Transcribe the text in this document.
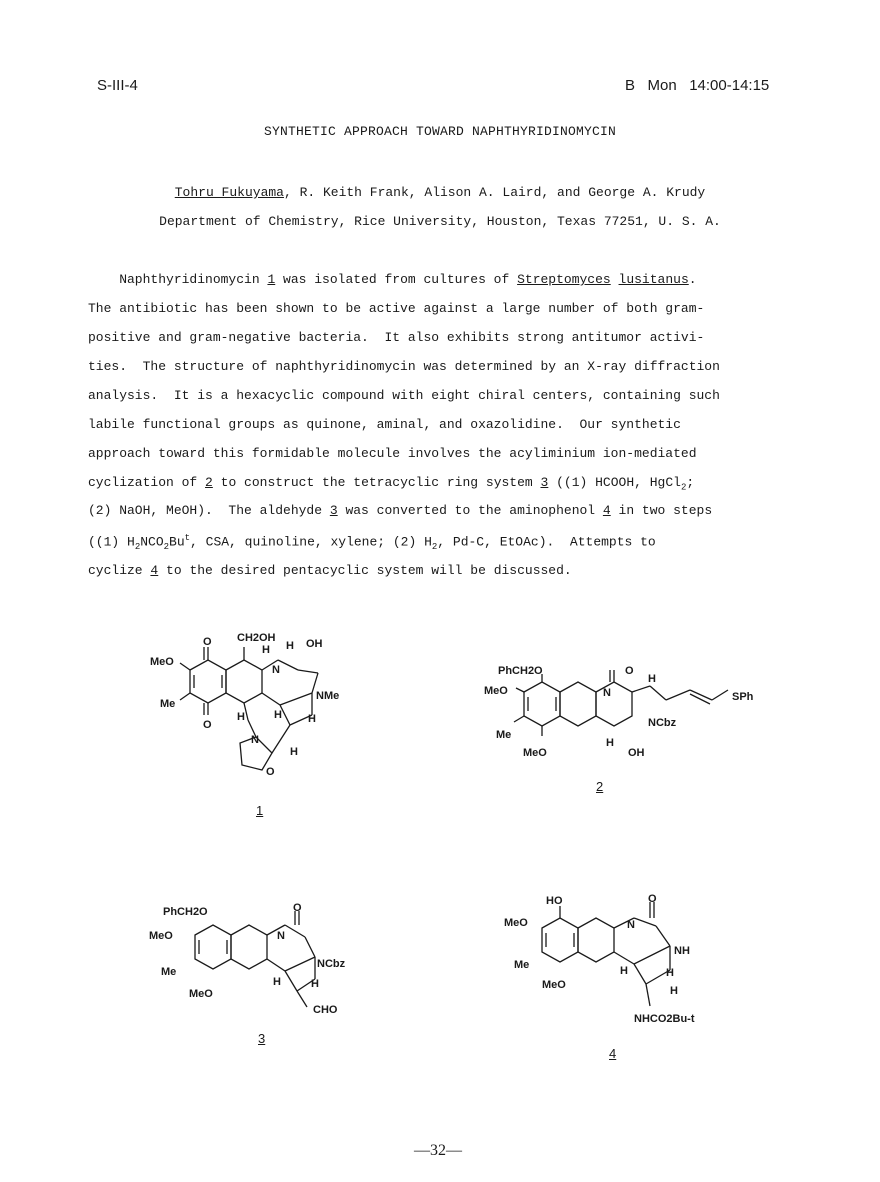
S-III-4	B   Mon   14:00-14:15
SYNTHETIC APPROACH TOWARD NAPHTHYRIDINOMYCIN
Tohru Fukuyama, R. Keith Frank, Alison A. Laird, and George A. Krudy
Department of Chemistry, Rice University, Houston, Texas 77251, U. S. A.
Naphthyridinomycin 1 was isolated from cultures of Streptomyces lusitanus.
The antibiotic has been shown to be active against a large number of both gram-
positive and gram-negative bacteria.  It also exhibits strong antitumor activi-
ties.  The structure of naphthyridinomycin was determined by an X-ray diffraction
analysis.  It is a hexacyclic compound with eight chiral centers, containing such
labile functional groups as quinone, aminal, and oxazolidine.  Our synthetic
approach toward this formidable molecule involves the acyliminium ion-mediated
cyclization of 2 to construct the tetracyclic ring system 3 ((1) HCOOH, HgCl$_2$;
(2) NaOH, MeOH).  The aldehyde 3 was converted to the aminophenol 4 in two steps
((1) $H_2NCO_2Bu^t$, CSA, quinoline, xylene; (2) $H_2$, Pd-C, EtOAc).  Attempts to
cyclize 4 to the desired pentacyclic system will be discussed.
O
O
MeO
Me
CH2OH
H H OH
N
NMe
H	H H
N
O
H
1
PhCH2O
MeO
Me
MeO
O
N
H
NCbz
H
OH
SPh
2
PhCH2O
MeO
Me
MeO
O
N
NCbz
H	H
CHO
3
HO
MeO
Me
MeO
O
N
NH
H	H
H
NHCO2Bu-t
4
—32—
